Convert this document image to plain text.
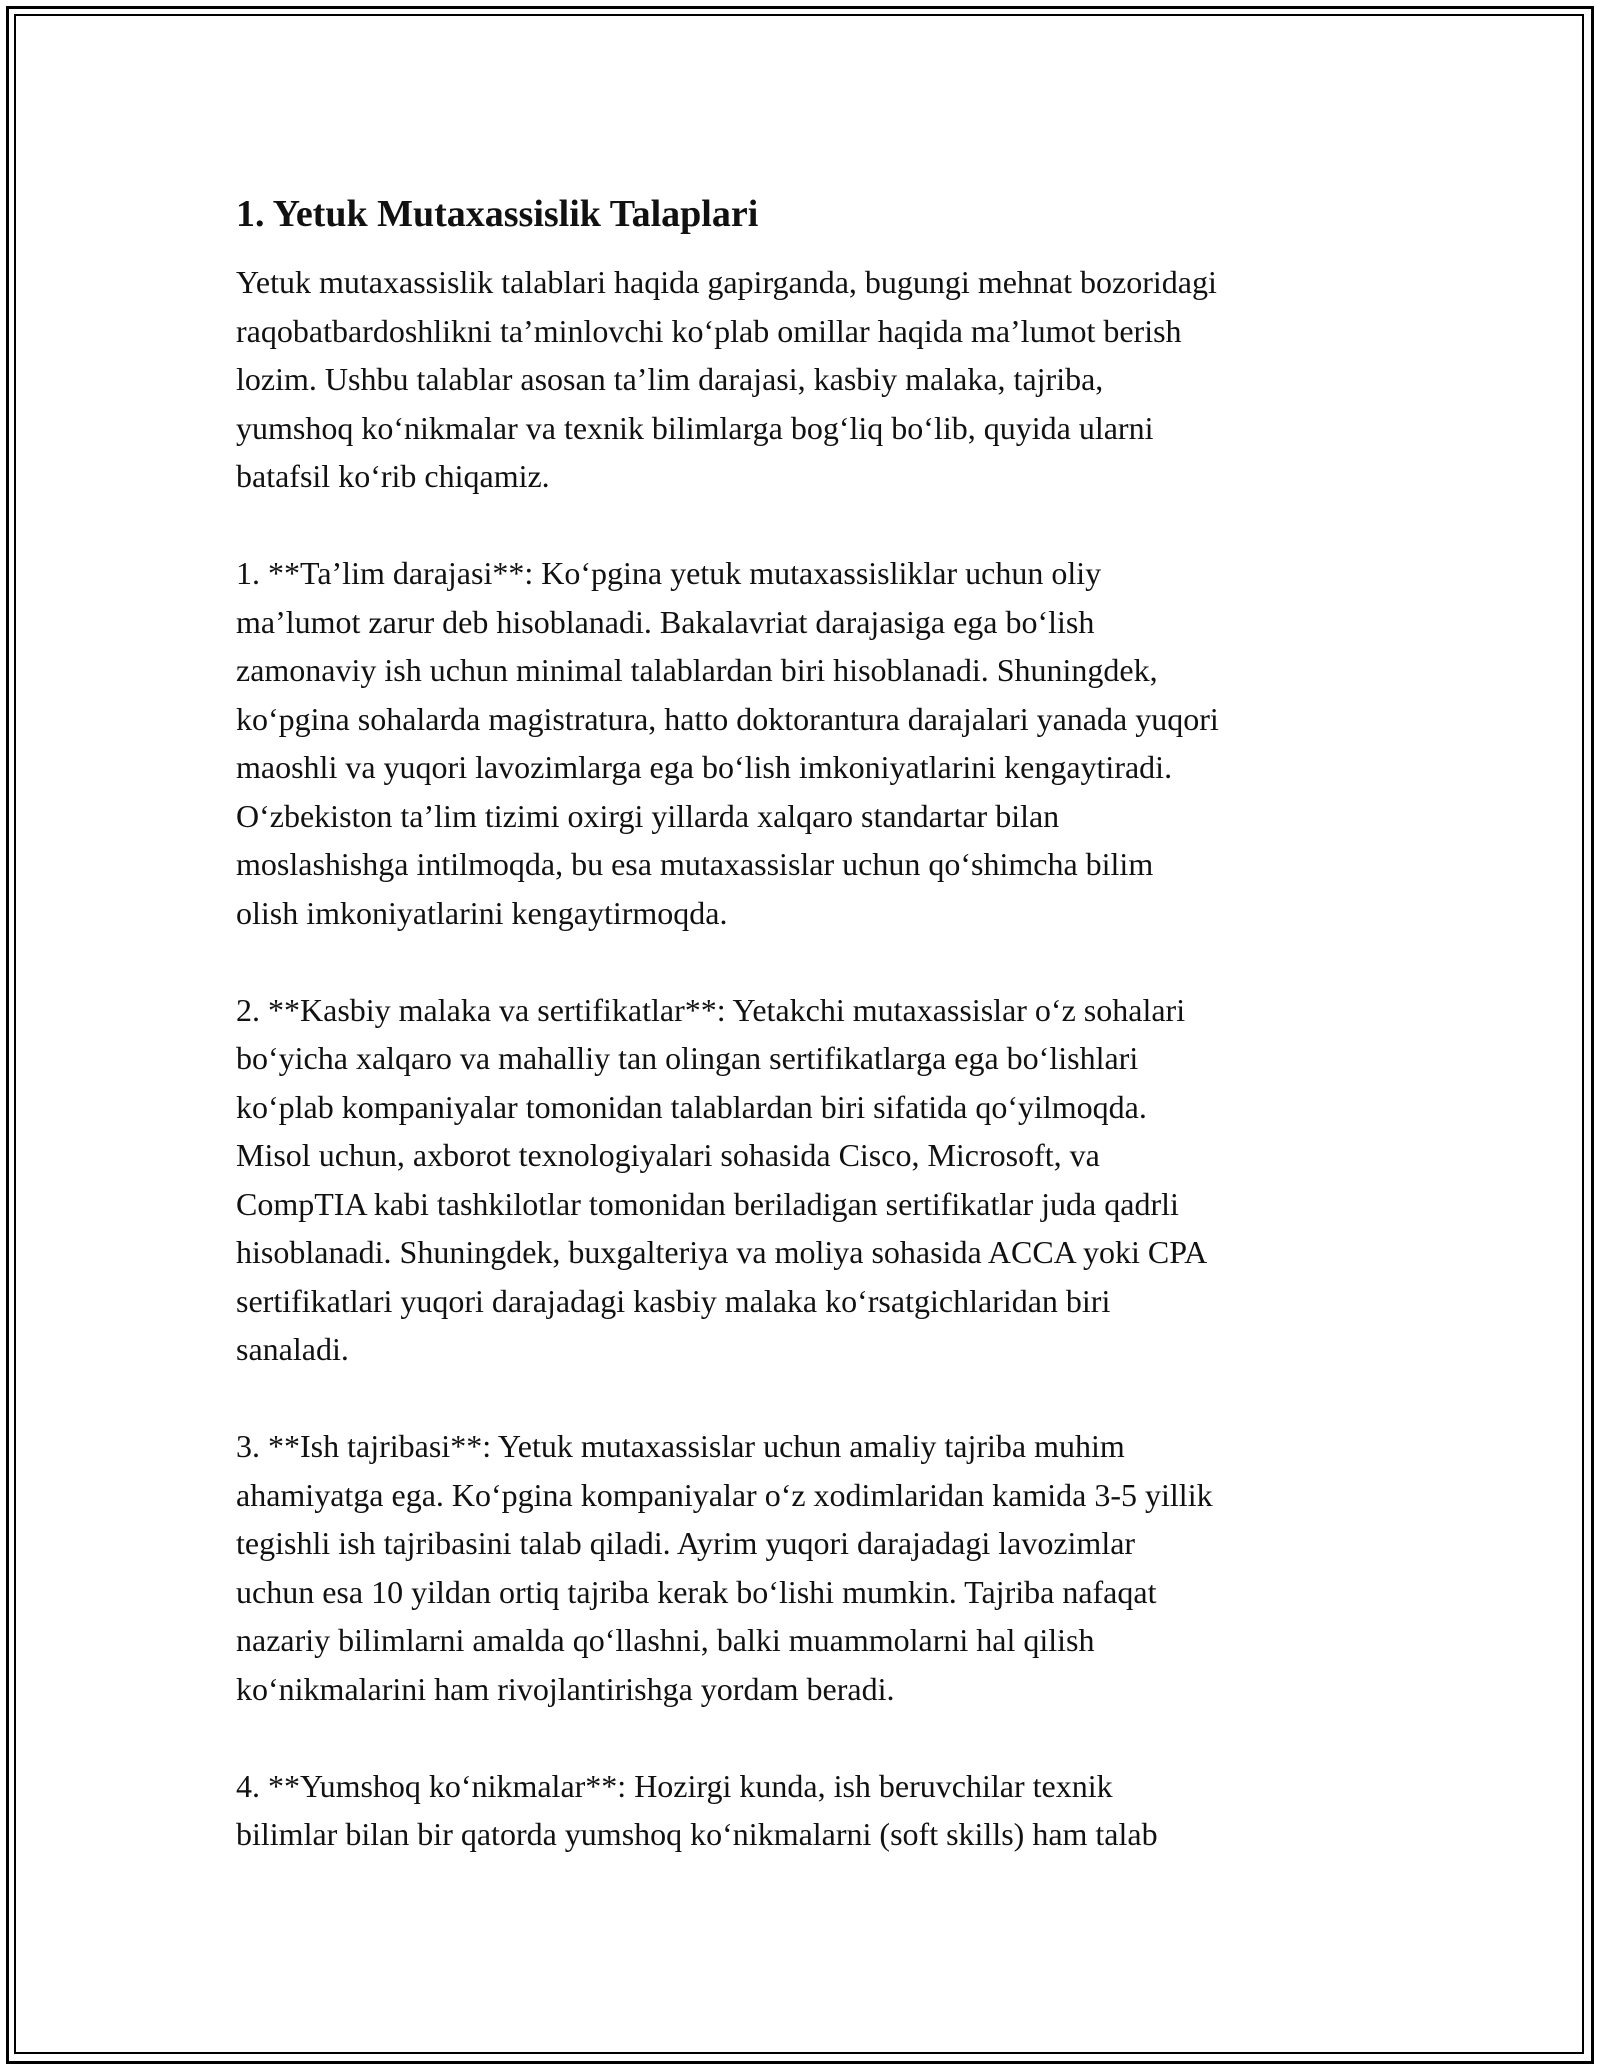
1. Yetuk Mutaxassislik Talaplari

Yetuk mutaxassislik talablari haqida gapirganda, bugungi mehnat bozoridagi
raqobatbardoshlikni ta’minlovchi ko‘plab omillar haqida ma’lumot berish
lozim. Ushbu talablar asosan ta’lim darajasi, kasbiy malaka, tajriba,
yumshoq ko‘nikmalar va texnik bilimlarga bog‘liq bo‘lib, quyida ularni
batafsil ko‘rib chiqamiz.

1. **Ta’lim darajasi**: Ko‘pgina yetuk mutaxassisliklar uchun oliy
ma’lumot zarur deb hisoblanadi. Bakalavriat darajasiga ega bo‘lish
zamonaviy ish uchun minimal talablardan biri hisoblanadi. Shuningdek,
ko‘pgina sohalarda magistratura, hatto doktorantura darajalari yanada yuqori
maoshli va yuqori lavozimlarga ega bo‘lish imkoniyatlarini kengaytiradi.
O‘zbekiston ta’lim tizimi oxirgi yillarda xalqaro standartar bilan
moslashishga intilmoqda, bu esa mutaxassislar uchun qo‘shimcha bilim
olish imkoniyatlarini kengaytirmoqda.

2. **Kasbiy malaka va sertifikatlar**: Yetakchi mutaxassislar o‘z sohalari
bo‘yicha xalqaro va mahalliy tan olingan sertifikatlarga ega bo‘lishlari
ko‘plab kompaniyalar tomonidan talablardan biri sifatida qo‘yilmoqda.
Misol uchun, axborot texnologiyalari sohasida Cisco, Microsoft, va
CompTIA kabi tashkilotlar tomonidan beriladigan sertifikatlar juda qadrli
hisoblanadi. Shuningdek, buxgalteriya va moliya sohasida ACCA yoki CPA
sertifikatlari yuqori darajadagi kasbiy malaka ko‘rsatgichlaridan biri
sanaladi.

3. **Ish tajribasi**: Yetuk mutaxassislar uchun amaliy tajriba muhim
ahamiyatga ega. Ko‘pgina kompaniyalar o‘z xodimlaridan kamida 3-5 yillik
tegishli ish tajribasini talab qiladi. Ayrim yuqori darajadagi lavozimlar
uchun esa 10 yildan ortiq tajriba kerak bo‘lishi mumkin. Tajriba nafaqat
nazariy bilimlarni amalda qo‘llashni, balki muammolarni hal qilish
ko‘nikmalarini ham rivojlantirishga yordam beradi.

4. **Yumshoq ko‘nikmalar**: Hozirgi kunda, ish beruvchilar texnik
bilimlar bilan bir qatorda yumshoq ko‘nikmalarni (soft skills) ham talab
